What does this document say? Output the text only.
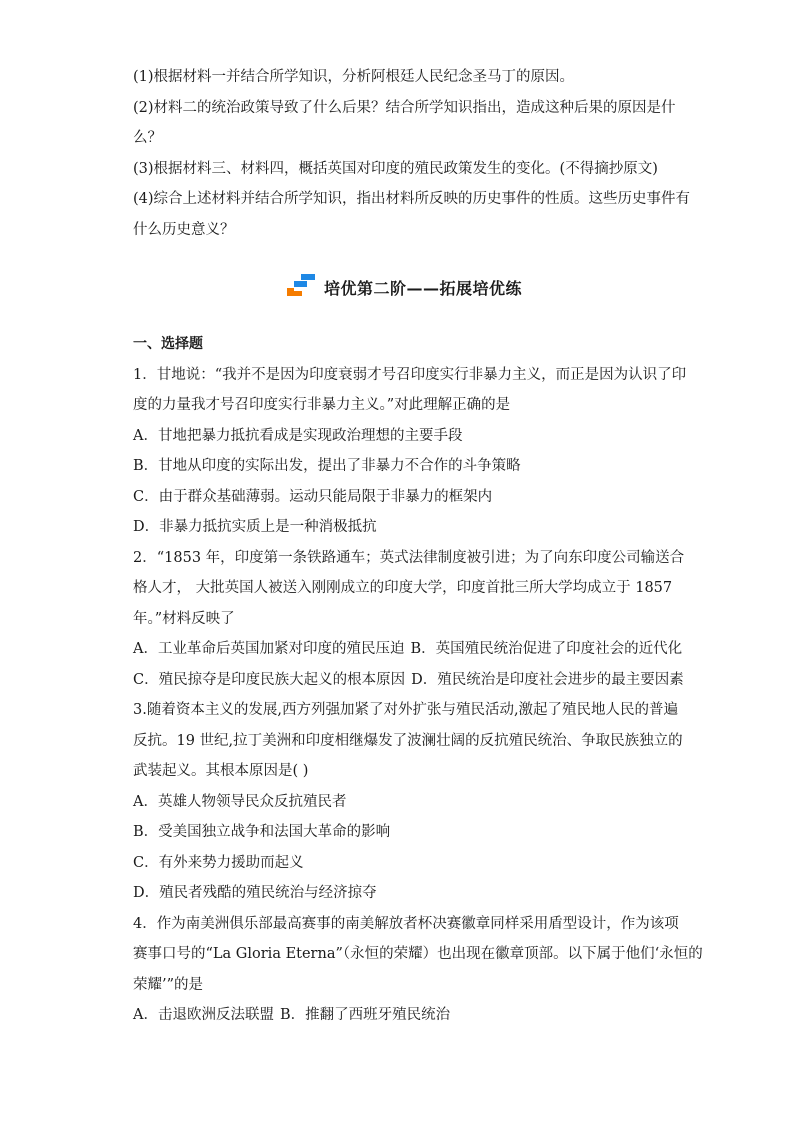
(1)根据材料一并结合所学知识，分析阿根廷人民纪念圣马丁的原因。
(2)材料二的统治政策导致了什么后果？结合所学知识指出，造成这种后果的原因是什
么？
(3)根据材料三、材料四，概括英国对印度的殖民政策发生的变化。(不得摘抄原文)
(4)综合上述材料并结合所学知识，指出材料所反映的历史事件的性质。这些历史事件有
什么历史意义？
培优第二阶——拓展培优练
一、选择题
1．甘地说：“我并不是因为印度衰弱才号召印度实行非暴力主义，而正是因为认识了印
度的力量我才号召印度实行非暴力主义。”对此理解正确的是
A．甘地把暴力抵抗看成是实现政治理想的主要手段
B．甘地从印度的实际出发，提出了非暴力不合作的斗争策略
C．由于群众基础薄弱。运动只能局限于非暴力的框架内
D．非暴力抵抗实质上是一种消极抵抗
2．“1853 年，印度第一条铁路通车；英式法律制度被引进；为了向东印度公司输送合
格人才， 大批英国人被送入刚刚成立的印度大学，印度首批三所大学均成立于 1857
年。”材料反映了
A．工业革命后英国加紧对印度的殖民压迫 B．英国殖民统治促进了印度社会的近代化
C．殖民掠夺是印度民族大起义的根本原因 D．殖民统治是印度社会进步的最主要因素
3.随着资本主义的发展,西方列强加紧了对外扩张与殖民活动,激起了殖民地人民的普遍
反抗。19 世纪,拉丁美洲和印度相继爆发了波澜壮阔的反抗殖民统治、争取民族独立的
武装起义。其根本原因是( )
A．英雄人物领导民众反抗殖民者
B．受美国独立战争和法国大革命的影响
C．有外来势力援助而起义
D．殖民者残酷的殖民统治与经济掠夺
4．作为南美洲俱乐部最高赛事的南美解放者杯决赛徽章同样采用盾型设计，作为该项
赛事口号的“La Gloria Eterna”（永恒的荣耀）也出现在徽章顶部。以下属于他们‘永恒的
荣耀’”的是
A．击退欧洲反法联盟 B．推翻了西班牙殖民统治
